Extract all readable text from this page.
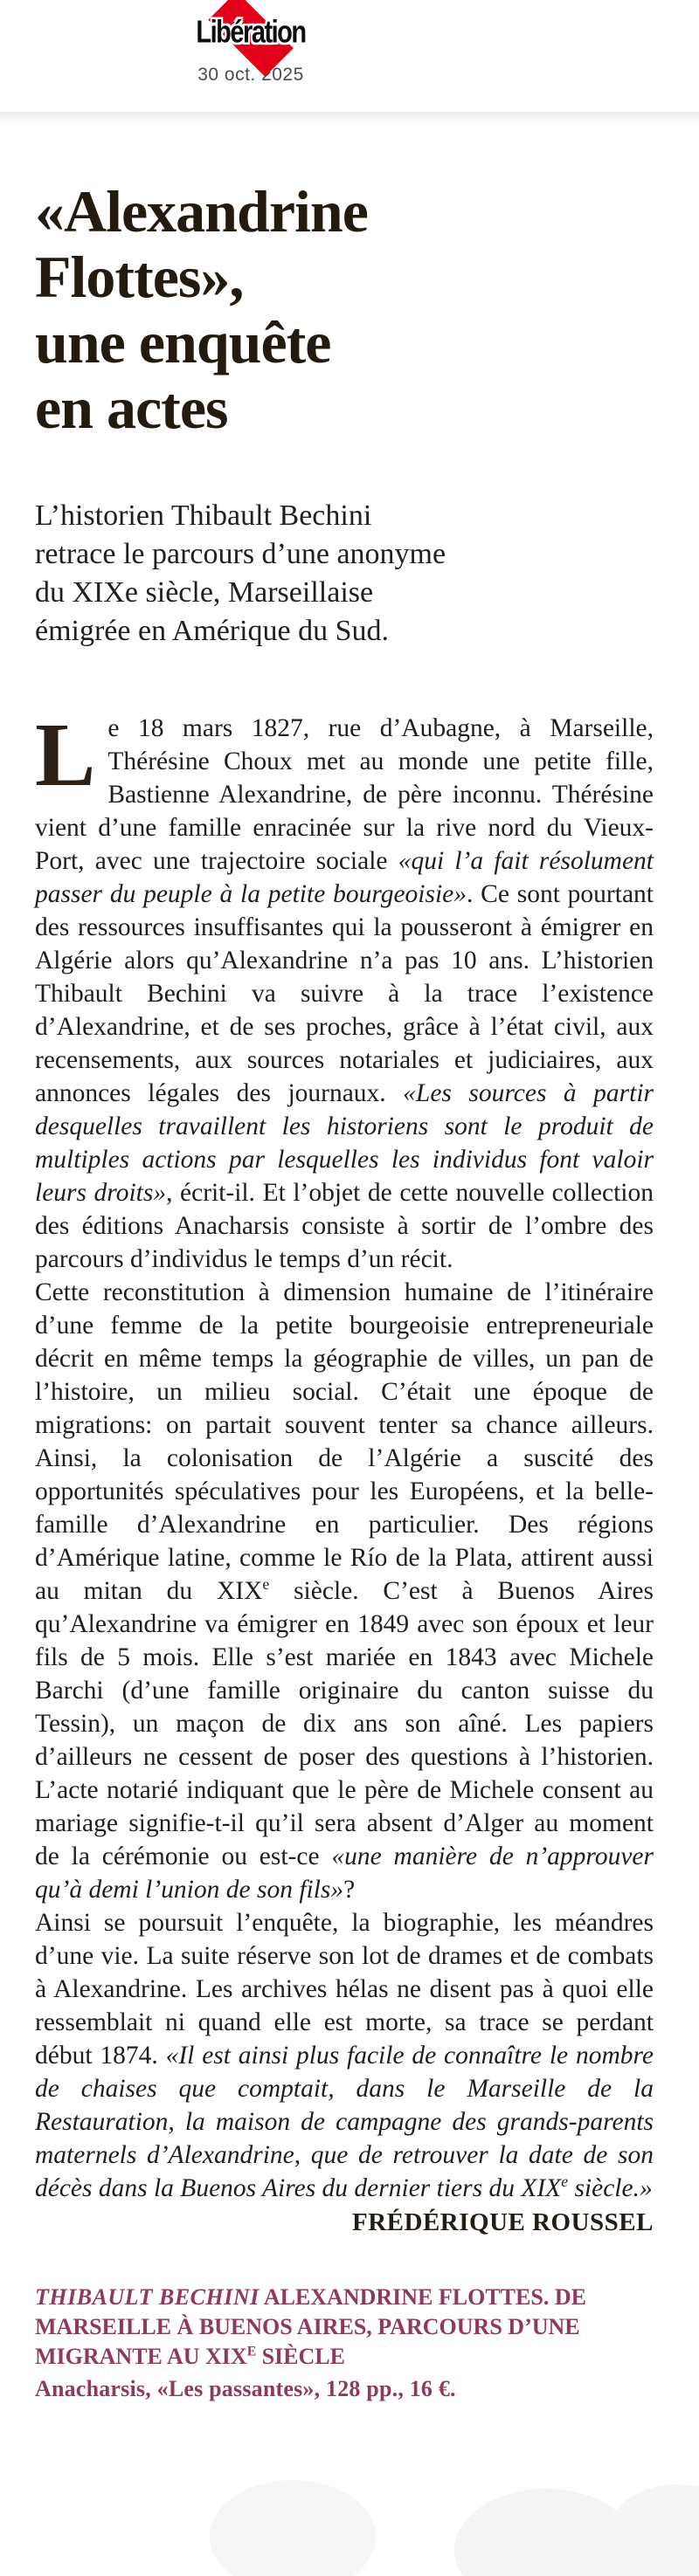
Libération
30 oct. 2025
«Alexandrine
Flottes»,
une enquête
en actes

L’historien Thibault Bechini
retrace le parcours d’une anonyme
du XIXe siècle, Marseillaise
émigrée en Amérique du Sud.

Le 18 mars 1827, rue d’Aubagne, à Marseille, Thérésine Choux met au monde une petite fille, Bastienne Alexandrine, de père inconnu. Thérésine vient d’une famille enracinée sur la rive nord du Vieux-Port, avec une trajectoire sociale «qui l’a fait résolument passer du peuple à la petite bourgeoisie». Ce sont pourtant des ressources insuffisantes qui la pousseront à émigrer en Algérie alors qu’Alexandrine n’a pas 10 ans. L’historien Thibault Bechini va suivre à la trace l’existence d’Alexandrine, et de ses proches, grâce à l’état civil, aux recensements, aux sources notariales et judiciaires, aux annonces légales des journaux. «Les sources à partir desquelles travaillent les historiens sont le produit de multiples actions par lesquelles les individus font valoir leurs droits», écrit-il. Et l’objet de cette nouvelle collection des éditions Anacharsis consiste à sortir de l’ombre des parcours d’individus le temps d’un récit.

Cette reconstitution à dimension humaine de l’itinéraire d’une femme de la petite bourgeoisie entrepreneuriale décrit en même temps la géographie de villes, un pan de l’histoire, un milieu social. C’était une époque de migrations: on partait souvent tenter sa chance ailleurs. Ainsi, la colonisation de l’Algérie a suscité des opportunités spéculatives pour les Européens, et la belle-famille d’Alexandrine en particulier. Des régions d’Amérique latine, comme le Río de la Plata, attirent aussi au mitan du XIXe siècle. C’est à Buenos Aires qu’Alexandrine va émigrer en 1849 avec son époux et leur fils de 5 mois. Elle s’est mariée en 1843 avec Michele Barchi (d’une famille originaire du canton suisse du Tessin), un maçon de dix ans son aîné. Les papiers d’ailleurs ne cessent de poser des questions à l’historien. L’acte notarié indiquant que le père de Michele consent au mariage signifie-t-il qu’il sera absent d’Alger au moment de la cérémonie ou est-ce «une manière de n’approuver qu’à demi l’union de son fils»?

Ainsi se poursuit l’enquête, la biographie, les méandres d’une vie. La suite réserve son lot de drames et de combats à Alexandrine. Les archives hélas ne disent pas à quoi elle ressemblait ni quand elle est morte, sa trace se perdant début 1874. «Il est ainsi plus facile de connaître le nombre de chaises que comptait, dans le Marseille de la Restauration, la maison de campagne des grands-parents maternels d’Alexandrine, que de retrouver la date de son décès dans la Buenos Aires du dernier tiers du XIXe siècle.»

FRÉDÉRIQUE ROUSSEL

THIBAULT BECHINI ALEXANDRINE FLOTTES. DE MARSEILLE À BUENOS AIRES, PARCOURS D’UNE MIGRANTE AU $XIX^E$ SIÈCLE

Anacharsis, «Les passantes», 128 pp., 16 €.
